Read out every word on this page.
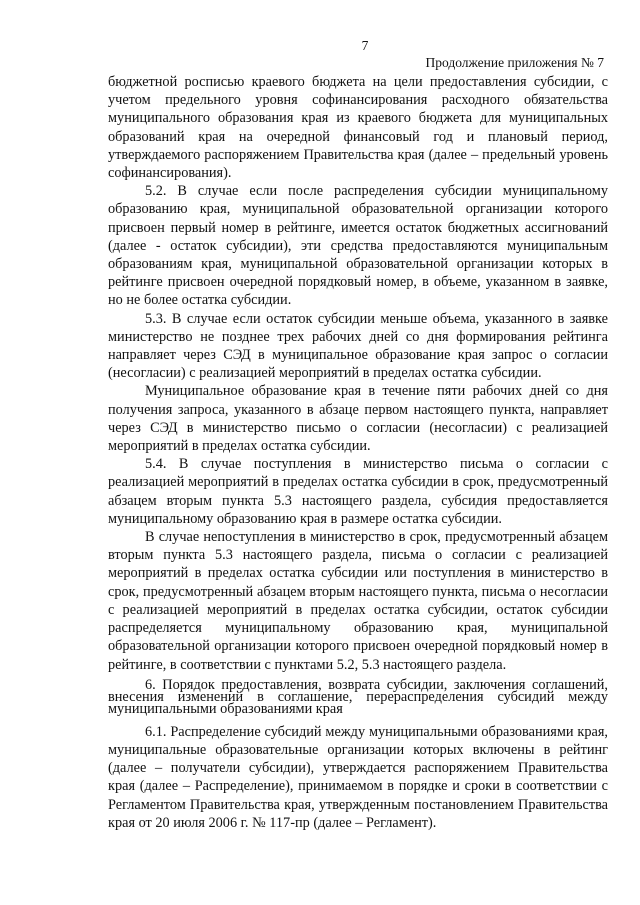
7
Продолжение приложения № 7

бюджетной росписью краевого бюджета на цели предоставления субсидии, с учетом предельного уровня софинансирования расходного обязательства муниципального образования края из краевого бюджета для муниципальных образований края на очередной финансовый год и плановый период, утверждаемого распоряжением Правительства края (далее – предельный уровень софинансирования).

5.2. В случае если после распределения субсидии муниципальному образованию края, муниципальной образовательной организации которого присвоен первый номер в рейтинге, имеется остаток бюджетных ассигнований (далее - остаток субсидии), эти средства предоставляются муниципальным образованиям края, муниципальной образовательной организации которых в рейтинге присвоен очередной порядковый номер, в объеме, указанном в заявке, но не более остатка субсидии.

5.3. В случае если остаток субсидии меньше объема, указанного в заявке министерство не позднее трех рабочих дней со дня формирования рейтинга направляет через СЭД в муниципальное образование края запрос о согласии (несогласии) с реализацией мероприятий в пределах остатка субсидии.

Муниципальное образование края в течение пяти рабочих дней со дня получения запроса, указанного в абзаце первом настоящего пункта, направляет через СЭД в министерство письмо о согласии (несогласии) с реализацией мероприятий в пределах остатка субсидии.

5.4. В случае поступления в министерство письма о согласии с реализацией мероприятий в пределах остатка субсидии в срок, предусмотренный абзацем вторым пункта 5.3 настоящего раздела, субсидия предоставляется муниципальному образованию края в размере остатка субсидии.

В случае непоступления в министерство в срок, предусмотренный абзацем вторым пункта 5.3 настоящего раздела, письма о согласии с реализацией мероприятий в пределах остатка субсидии или поступления в министерство в срок, предусмотренный абзацем вторым настоящего пункта, письма о несогласии с реализацией мероприятий в пределах остатка субсидии, остаток субсидии распределяется муниципальному образованию края, муниципальной образовательной организации которого присвоен очередной порядковый номер в рейтинге, в соответствии с пунктами 5.2, 5.3 настоящего раздела.

6. Порядок предоставления, возврата субсидии, заключения соглашений, внесения изменений в соглашение, перераспределения субсидий между муниципальными образованиями края

6.1. Распределение субсидий между муниципальными образованиями края, муниципальные образовательные организации которых включены в рейтинг (далее – получатели субсидии), утверждается распоряжением Правительства края (далее – Распределение), принимаемом в порядке и сроки в соответствии с Регламентом Правительства края, утвержденным постановлением Правительства края от 20 июля 2006 г. № 117-пр (далее – Регламент).
